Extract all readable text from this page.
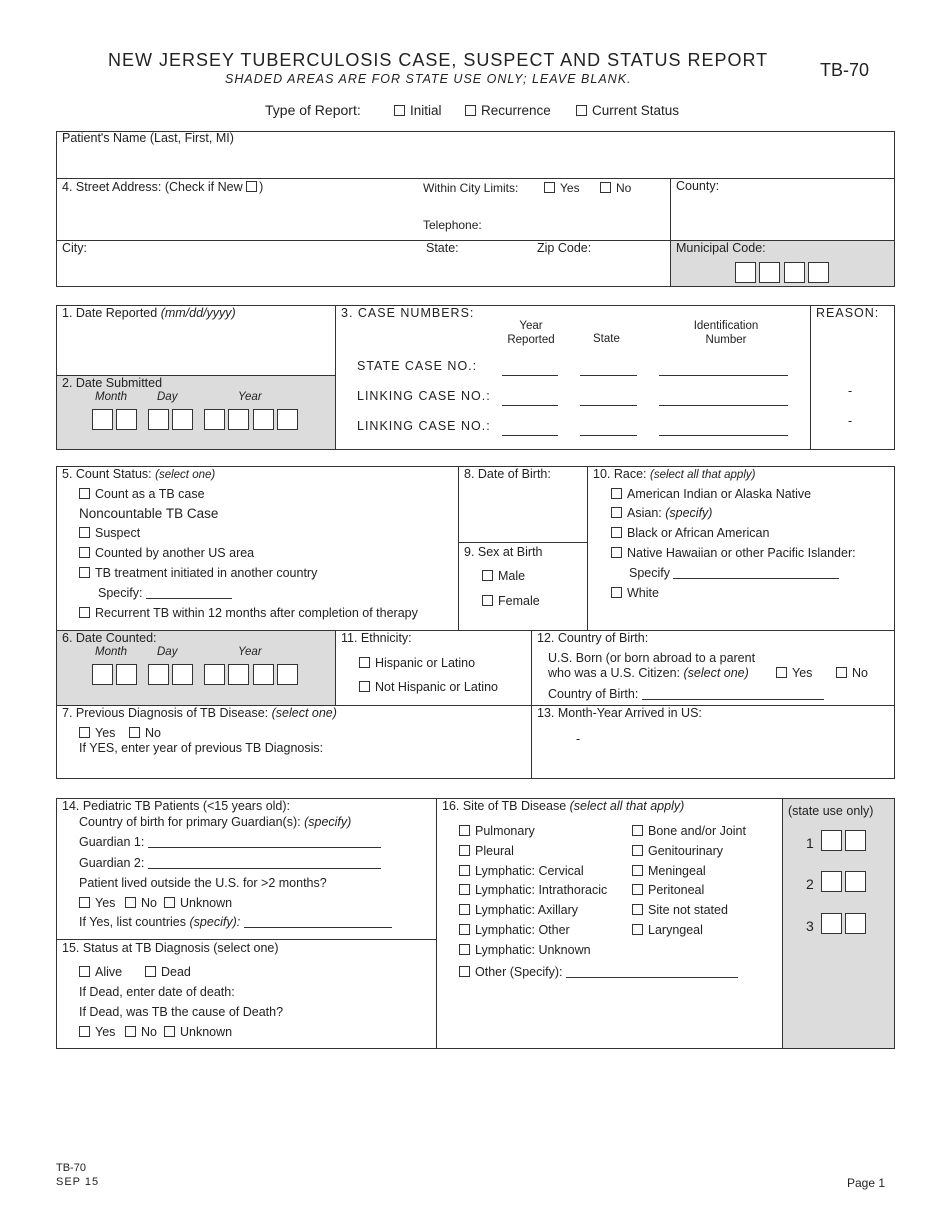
NEW JERSEY TUBERCULOSIS CASE, SUSPECT AND STATUS REPORT
SHADED AREAS ARE FOR STATE USE ONLY; LEAVE BLANK.	TB-70
Type of Report:	Initial	Recurrence	Current Status
Patient's Name (Last, First, MI)
4. Street Address: (Check if New )	Within City Limits:	Yes	No	County:
Telephone:
City:	State:	Zip Code:	Municipal Code:
1. Date Reported (mm/dd/yyyy)
2. Date Submitted
Month	Day	Year
3. CASE NUMBERS:
Year
Reported	State
Identification
Number
STATE CASE NO.:
LINKING CASE NO.:
LINKING CASE NO.:
REASON:
-
-
5. Count Status: (select one)
Count as a TB case
Noncountable TB Case
Suspect
Counted by another US area
TB treatment initiated in another country
Specify:
Recurrent TB within 12 months after completion of therapy
8. Date of Birth:
9. Sex at Birth
Male
Female
10. Race: (select all that apply)
American Indian or Alaska Native
Asian: (specify)
Black or African American
Native Hawaiian or other Pacific Islander:
Specify
White
6. Date Counted:
Month	Day	Year
11. Ethnicity:
Hispanic or Latino
Not Hispanic or Latino
12. Country of Birth:
U.S. Born (or born abroad to a parent
who was a U.S. Citizen: (select one)	Yes	No
Country of Birth:
7. Previous Diagnosis of TB Disease: (select one)
Yes	No
If YES, enter year of previous TB Diagnosis:
13. Month-Year Arrived in US:
-
14. Pediatric TB Patients (<15 years old):
Country of birth for primary Guardian(s): (specify)
Guardian 1:
Guardian 2:
Patient lived outside the U.S. for >2 months?
Yes	No	Unknown
If Yes, list countries (specify):
15. Status at TB Diagnosis (select one)
Alive	Dead
If Dead, enter date of death:
If Dead, was TB the cause of Death?
Yes	No	Unknown
16. Site of TB Disease (select all that apply)
Pulmonary
Pleural
Lymphatic: Cervical
Lymphatic: Intrathoracic
Lymphatic: Axillary
Lymphatic: Other
Lymphatic: Unknown
Bone and/or Joint
Genitourinary
Meningeal
Peritoneal
Site not stated
Laryngeal
Other (Specify):
(state use only)
1
2
3
TB-70
SEP 15	Page 1
